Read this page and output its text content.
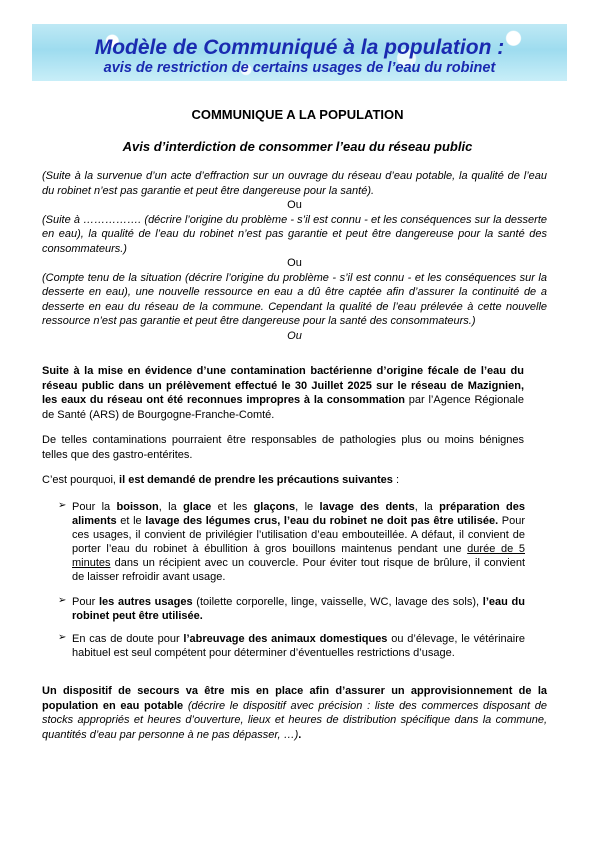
Modèle de Communiqué à la population :
avis de restriction de certains usages de l’eau du robinet
COMMUNIQUE A LA POPULATION
Avis d’interdiction de consommer l’eau du réseau public
(Suite à la survenue d’un acte d’effraction sur un ouvrage du réseau d’eau potable, la qualité de l’eau du robinet n’est pas garantie et peut être dangereuse pour la santé).
Ou
(Suite à ……………. (décrire l’origine du problème - s’il est connu - et les conséquences sur la desserte en eau), la qualité de l’eau du robinet n’est pas garantie et peut être dangereuse pour la santé des consommateurs.)
Ou
(Compte tenu de la situation (décrire l’origine du problème - s’il est connu - et les conséquences sur la desserte en eau), une nouvelle ressource en eau a dû être captée afin d’assurer la continuité de a desserte en eau du réseau de la commune. Cependant la qualité de l’eau prélevée à cette nouvelle ressource n’est pas garantie et peut être dangereuse pour la santé des consommateurs.)
Ou
Suite à la mise en évidence d’une contamination bactérienne d’origine fécale de l’eau du réseau public dans un prélèvement effectué le 30 Juillet 2025 sur le réseau de Mazignien, les eaux du réseau ont été reconnues impropres à la consommation par l’Agence Régionale de Santé (ARS) de Bourgogne-Franche-Comté.
De telles contaminations pourraient être responsables de pathologies plus ou moins bénignes telles que des gastro-entérites.
C’est pourquoi, il est demandé de prendre les précautions suivantes :
➢ Pour la boisson, la glace et les glaçons, le lavage des dents, la préparation des aliments et le lavage des légumes crus, l’eau du robinet ne doit pas être utilisée. Pour ces usages, il convient de privilégier l’utilisation d’eau embouteillée. A défaut, il convient de porter l’eau du robinet à ébullition à gros bouillons maintenus pendant une durée de 5 minutes dans un récipient avec un couvercle. Pour éviter tout risque de brûlure, il convient de laisser refroidir avant usage.
➢ Pour les autres usages (toilette corporelle, linge, vaisselle, WC, lavage des sols), l’eau du robinet peut être utilisée.
➢ En cas de doute pour l’abreuvage des animaux domestiques ou d’élevage, le vétérinaire habituel est seul compétent pour déterminer d’éventuelles restrictions d’usage.
Un dispositif de secours va être mis en place afin d’assurer un approvisionnement de la population en eau potable (décrire le dispositif avec précision : liste des commerces disposant de stocks appropriés et heures d’ouverture, lieux et heures de distribution spécifique dans la commune, quantités d’eau par personne à ne pas dépasser, …).
